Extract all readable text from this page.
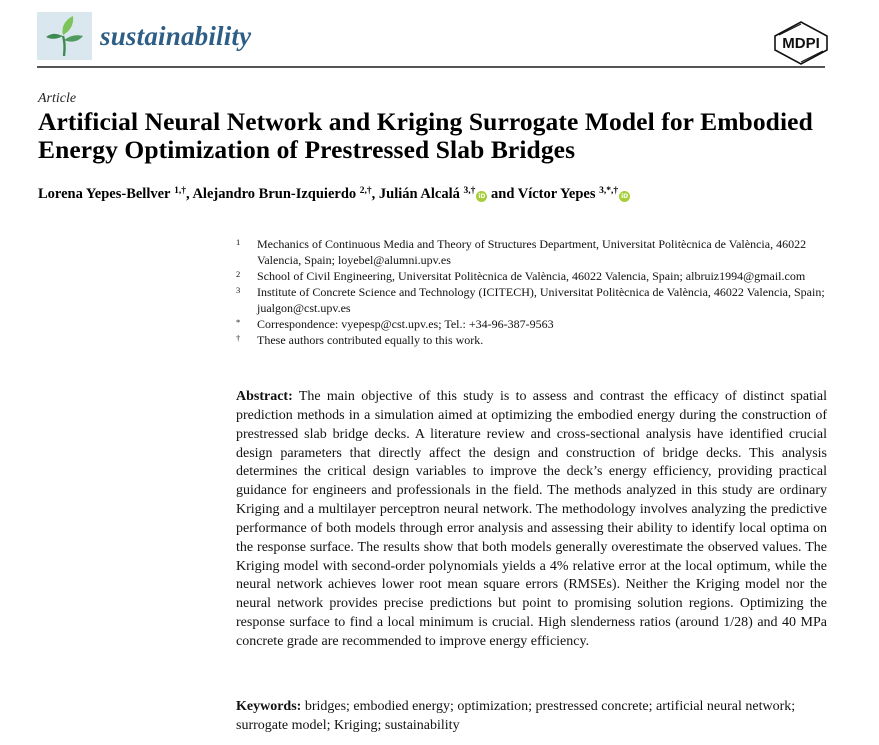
sustainability	MDPI
Article
Artificial Neural Network and Kriging Surrogate Model for Embodied Energy Optimization of Prestressed Slab Bridges
Lorena Yepes-Bellver $^{1,\dagger}$, Alejandro Brun-Izquierdo $^{2,\dagger}$, Julián Alcalá $^{3,\dagger}$iD and Víctor Yepes $^{3,*,\dagger}$iD
1	Mechanics of Continuous Media and Theory of Structures Department, Universitat Politècnica de València, 46022 Valencia, Spain; loyebel@alumni.upv.es
2	School of Civil Engineering, Universitat Politècnica de València, 46022 Valencia, Spain; albruiz1994@gmail.com
3	Institute of Concrete Science and Technology (ICITECH), Universitat Politècnica de València, 46022 Valencia, Spain; jualgon@cst.upv.es
*	Correspondence: vyepesp@cst.upv.es; Tel.: +34-96-387-9563
†	These authors contributed equally to this work.
Abstract: The main objective of this study is to assess and contrast the efficacy of distinct spatial prediction methods in a simulation aimed at optimizing the embodied energy during the construction of prestressed slab bridge decks. A literature review and cross-sectional analysis have identified crucial design parameters that directly affect the design and construction of bridge decks. This analysis determines the critical design variables to improve the deck’s energy efficiency, providing practical guidance for engineers and professionals in the field. The methods analyzed in this study are ordinary Kriging and a multilayer perceptron neural network. The methodology involves analyzing the predictive performance of both models through error analysis and assessing their ability to identify local optima on the response surface. The results show that both models generally overestimate the observed values. The Kriging model with second-order polynomials yields a 4% relative error at the local optimum, while the neural network achieves lower root mean square errors (RMSEs). Neither the Kriging model nor the neural network provides precise predictions but point to promising solution regions. Optimizing the response surface to find a local minimum is crucial. High slenderness ratios (around 1/28) and 40 MPa concrete grade are recommended to improve energy efficiency.
Keywords: bridges; embodied energy; optimization; prestressed concrete; artificial neural network; surrogate model; Kriging; sustainability
